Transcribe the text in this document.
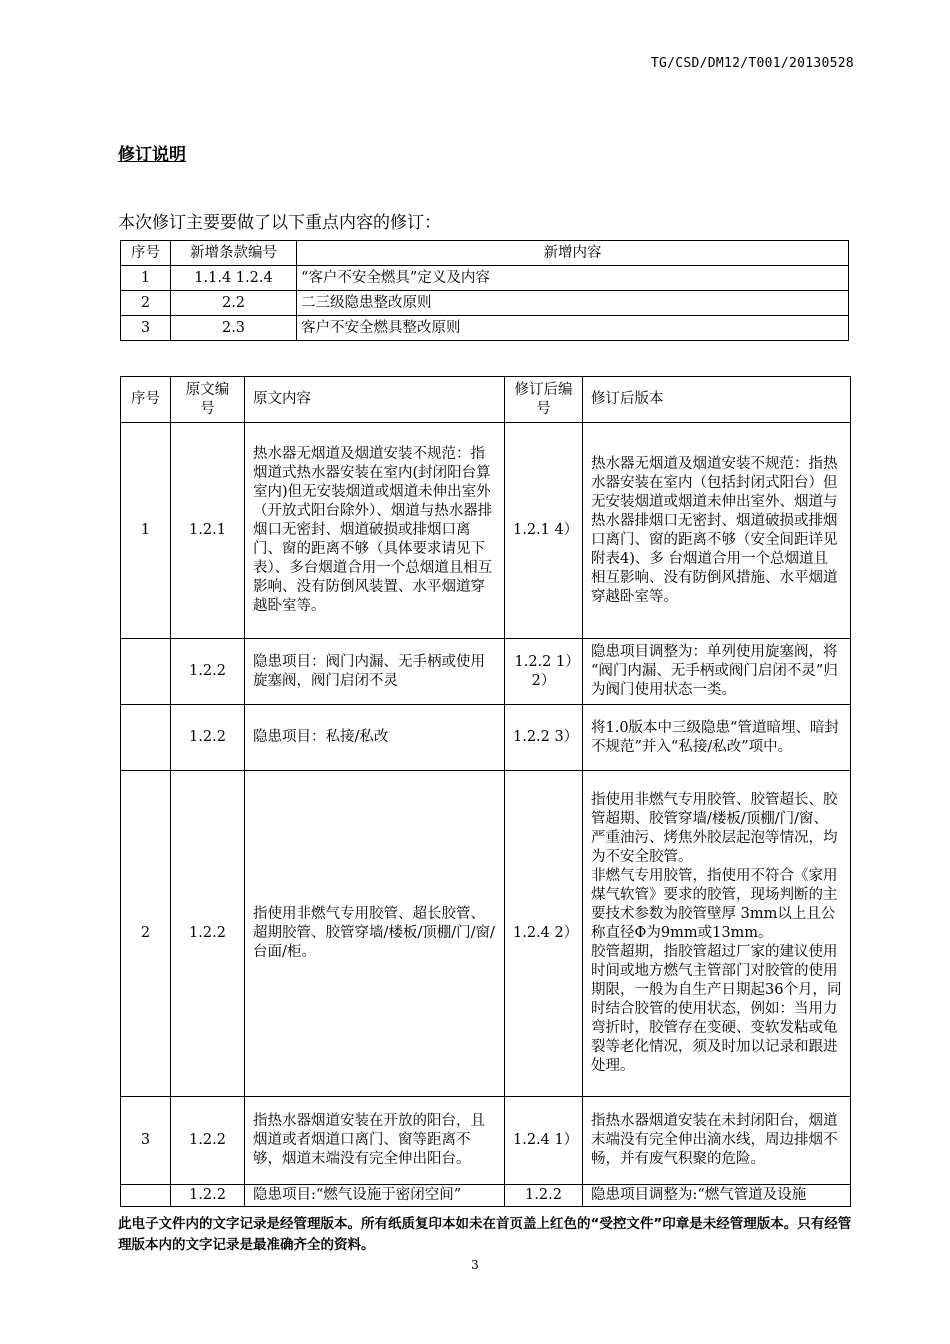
TG/CSD/DM12/T001/20130528
修订说明
本次修订主要要做了以下重点内容的修订：
序号	新增条款编号	新增内容
1	1.1.4 1.2.4	“客户不安全燃具”定义及内容
2	2.2	二三级隐患整改原则
3	2.3	客户不安全燃具整改原则
序号	原文编号	原文内容	修订后编号	修订后版本
1	1.2.1	热水器无烟道及烟道安装不规范：指烟道式热水器安装在室内(封闭阳台算室内)但无安装烟道或烟道未伸出室外（开放式阳台除外）、烟道与热水器排烟口无密封、烟道破损或排烟口离门、窗的距离不够（具体要求请见下表）、多台烟道合用一个总烟道且相互影响、没有防倒风装置、水平烟道穿越卧室等。	1.2.1 4）	热水器无烟道及烟道安装不规范：指热水器安装在室内（包括封闭式阳台）但无安装烟道或烟道未伸出室外、烟道与热水器排烟口无密封、烟道破损或排烟口离门、窗的距离不够（安全间距详见附表4)、多 台烟道合用一个总烟道且相互影响、没有防倒风措施、水平烟道穿越卧室等。
	1.2.2	隐患项目：阀门内漏、无手柄或使用旋塞阀，阀门启闭不灵	1.2.2 1）2）	隐患项目调整为：单列使用旋塞阀，将 “阀门内漏、无手柄或阀门启闭不灵”归为阀门使用状态一类。
	1.2.2	隐患项目：私接/私改	1.2.2 3）	将1.0版本中三级隐患“管道暗埋、暗封不规范”并入“私接/私改”项中。
2	1.2.2	指使用非燃气专用胶管、超长胶管、超期胶管、胶管穿墙/楼板/顶棚/门/窗/台面/柜。	1.2.4 2）	指使用非燃气专用胶管、胶管超长、胶管超期、胶管穿墙/楼板/顶棚/门/窗、严重油污、烤焦外胶层起泡等情况，均为不安全胶管。
非燃气专用胶管，指使用不符合《家用煤气软管》要求的胶管，现场判断的主要技术参数为胶管壁厚 3mm以上且公称直径Φ为9mm或13mm。
胶管超期，指胶管超过厂家的建议使用时间或地方燃气主管部门对胶管的使用期限，一般为自生产日期起36个月，同时结合胶管的使用状态，例如：当用力弯折时，胶管存在变硬、变软发粘或龟裂等老化情况，须及时加以记录和跟进处理。
3	1.2.2	指热水器烟道安装在开放的阳台，且烟道或者烟道口离门、窗等距离不够，烟道末端没有完全伸出阳台。	1.2.4 1）	指热水器烟道安装在未封闭阳台，烟道末端没有完全伸出滴水线，周边排烟不畅，并有废气积聚的危险。
	1.2.2	隐患项目:“燃气设施于密闭空间”	1.2.2	隐患项目调整为:“燃气管道及设施
此电子文件内的文字记录是经管理版本。所有纸质复印本如未在首页盖上红色的“受控文件”印章是未经管理版本。只有经管理版本内的文字记录是最准确齐全的资料。
3
